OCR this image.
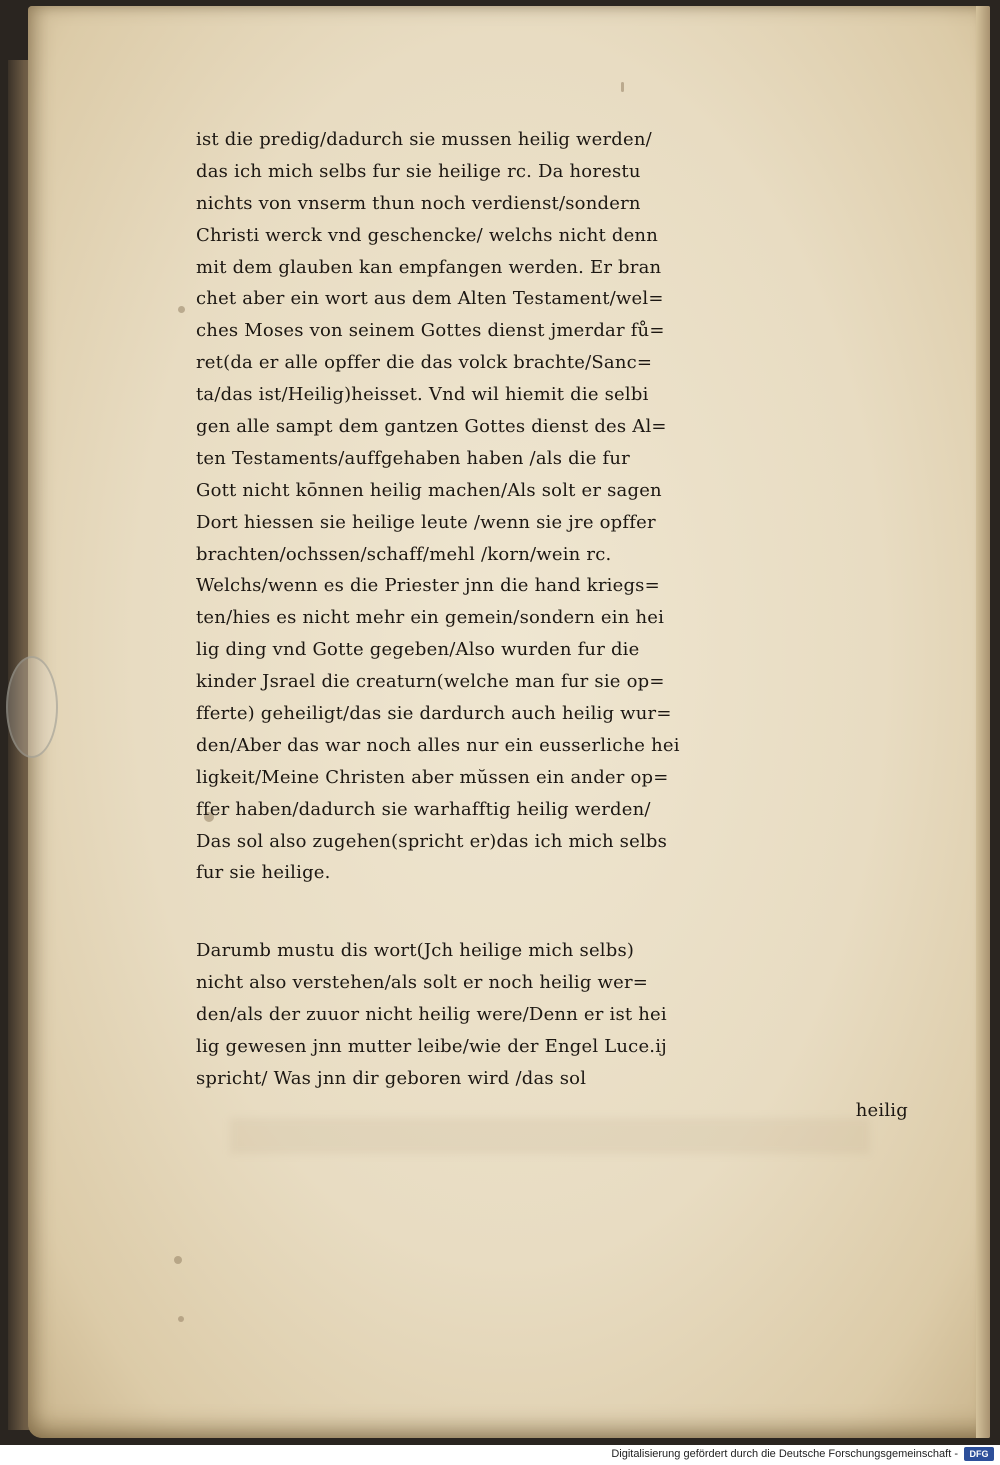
ist die predig/dadurch sie mussen heilig werden/
das ich mich selbs fur sie heilige rc. Da horestu
nichts von vnserm thun noch verdienst/sondern
Christi werck vnd geschencke/ welchs nicht denn
mit dem glauben kan empfangen werden. Er bran
chet aber ein wort aus dem Alten Testament/wel=
ches Moses von seinem Gottes dienst jmerdar fů=
ret(da er alle opffer die das volck brachte/Sanc=
ta/das ist/Heilig)heisset. Vnd wil hiemit die selbi
gen alle sampt dem gantzen Gottes dienst des Al=
ten Testaments/auffgehaben haben /als die fur
Gott nicht kōnnen heilig machen/Als solt er sagen
Dort hiessen sie heilige leute /wenn sie jre opffer
brachten/ochssen/schaff/mehl /korn/wein rc.
Welchs/wenn es die Priester jnn die hand kriegs=
ten/hies es nicht mehr ein gemein/sondern ein hei
lig ding vnd Gotte gegeben/Also wurden fur die
kinder Jsrael die creaturn(welche man fur sie op=
fferte) geheiligt/das sie dardurch auch heilig wur=
den/Aber das war noch alles nur ein eusserliche hei
ligkeit/Meine Christen aber mŭssen ein ander op=
ffer haben/dadurch sie warhafftig heilig werden/
Das sol also zugehen(spricht er)das ich mich selbs
fur sie heilige.
Darumb mustu dis wort(Jch heilige mich selbs)
nicht also verstehen/als solt er noch heilig wer=
den/als der zuuor nicht heilig were/Denn er ist hei
lig gewesen jnn mutter leibe/wie der Engel Luce.ij
spricht/ Was jnn dir geboren wird /das sol
heilig
Digitalisierung gefördert durch die Deutsche Forschungsgemeinschaft -	DFG
